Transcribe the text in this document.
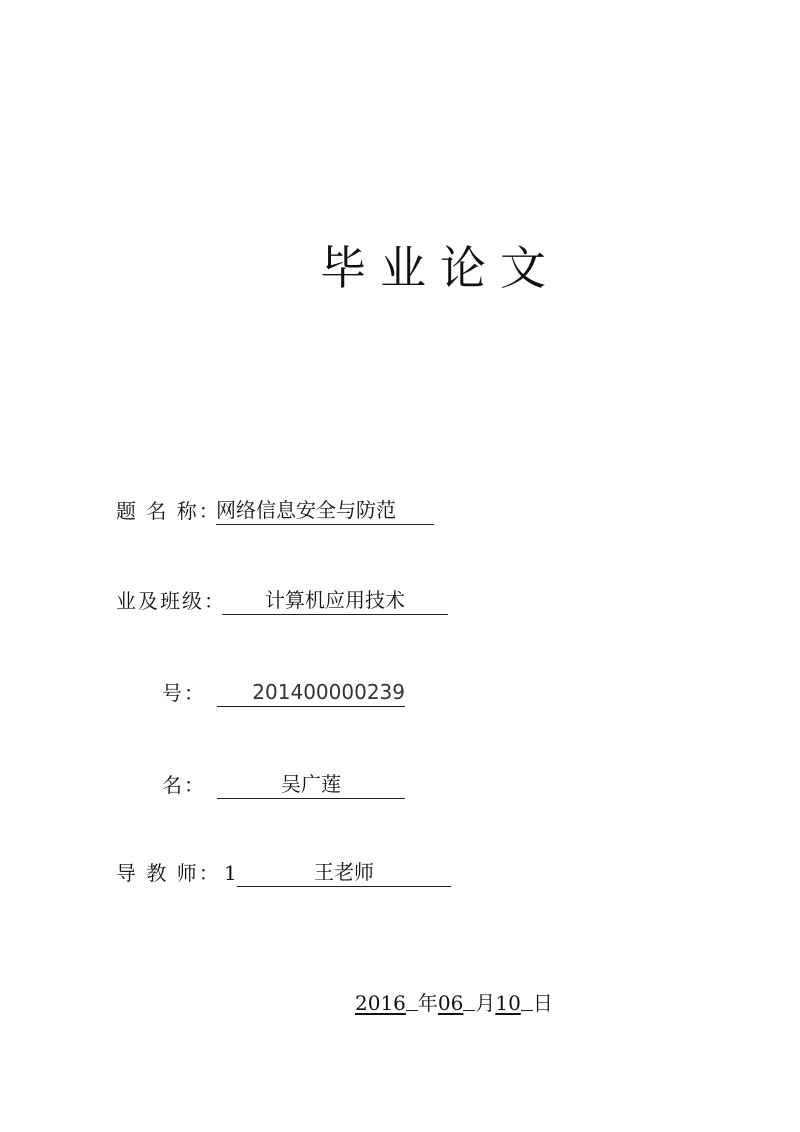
毕业论文
题 名 称：
网络信息安全与防范
业及班级：	计算机应用技术
号：	201400000239
名：	吴广莲
导 教 师： 1	王老师
2016 年06 月10 日
